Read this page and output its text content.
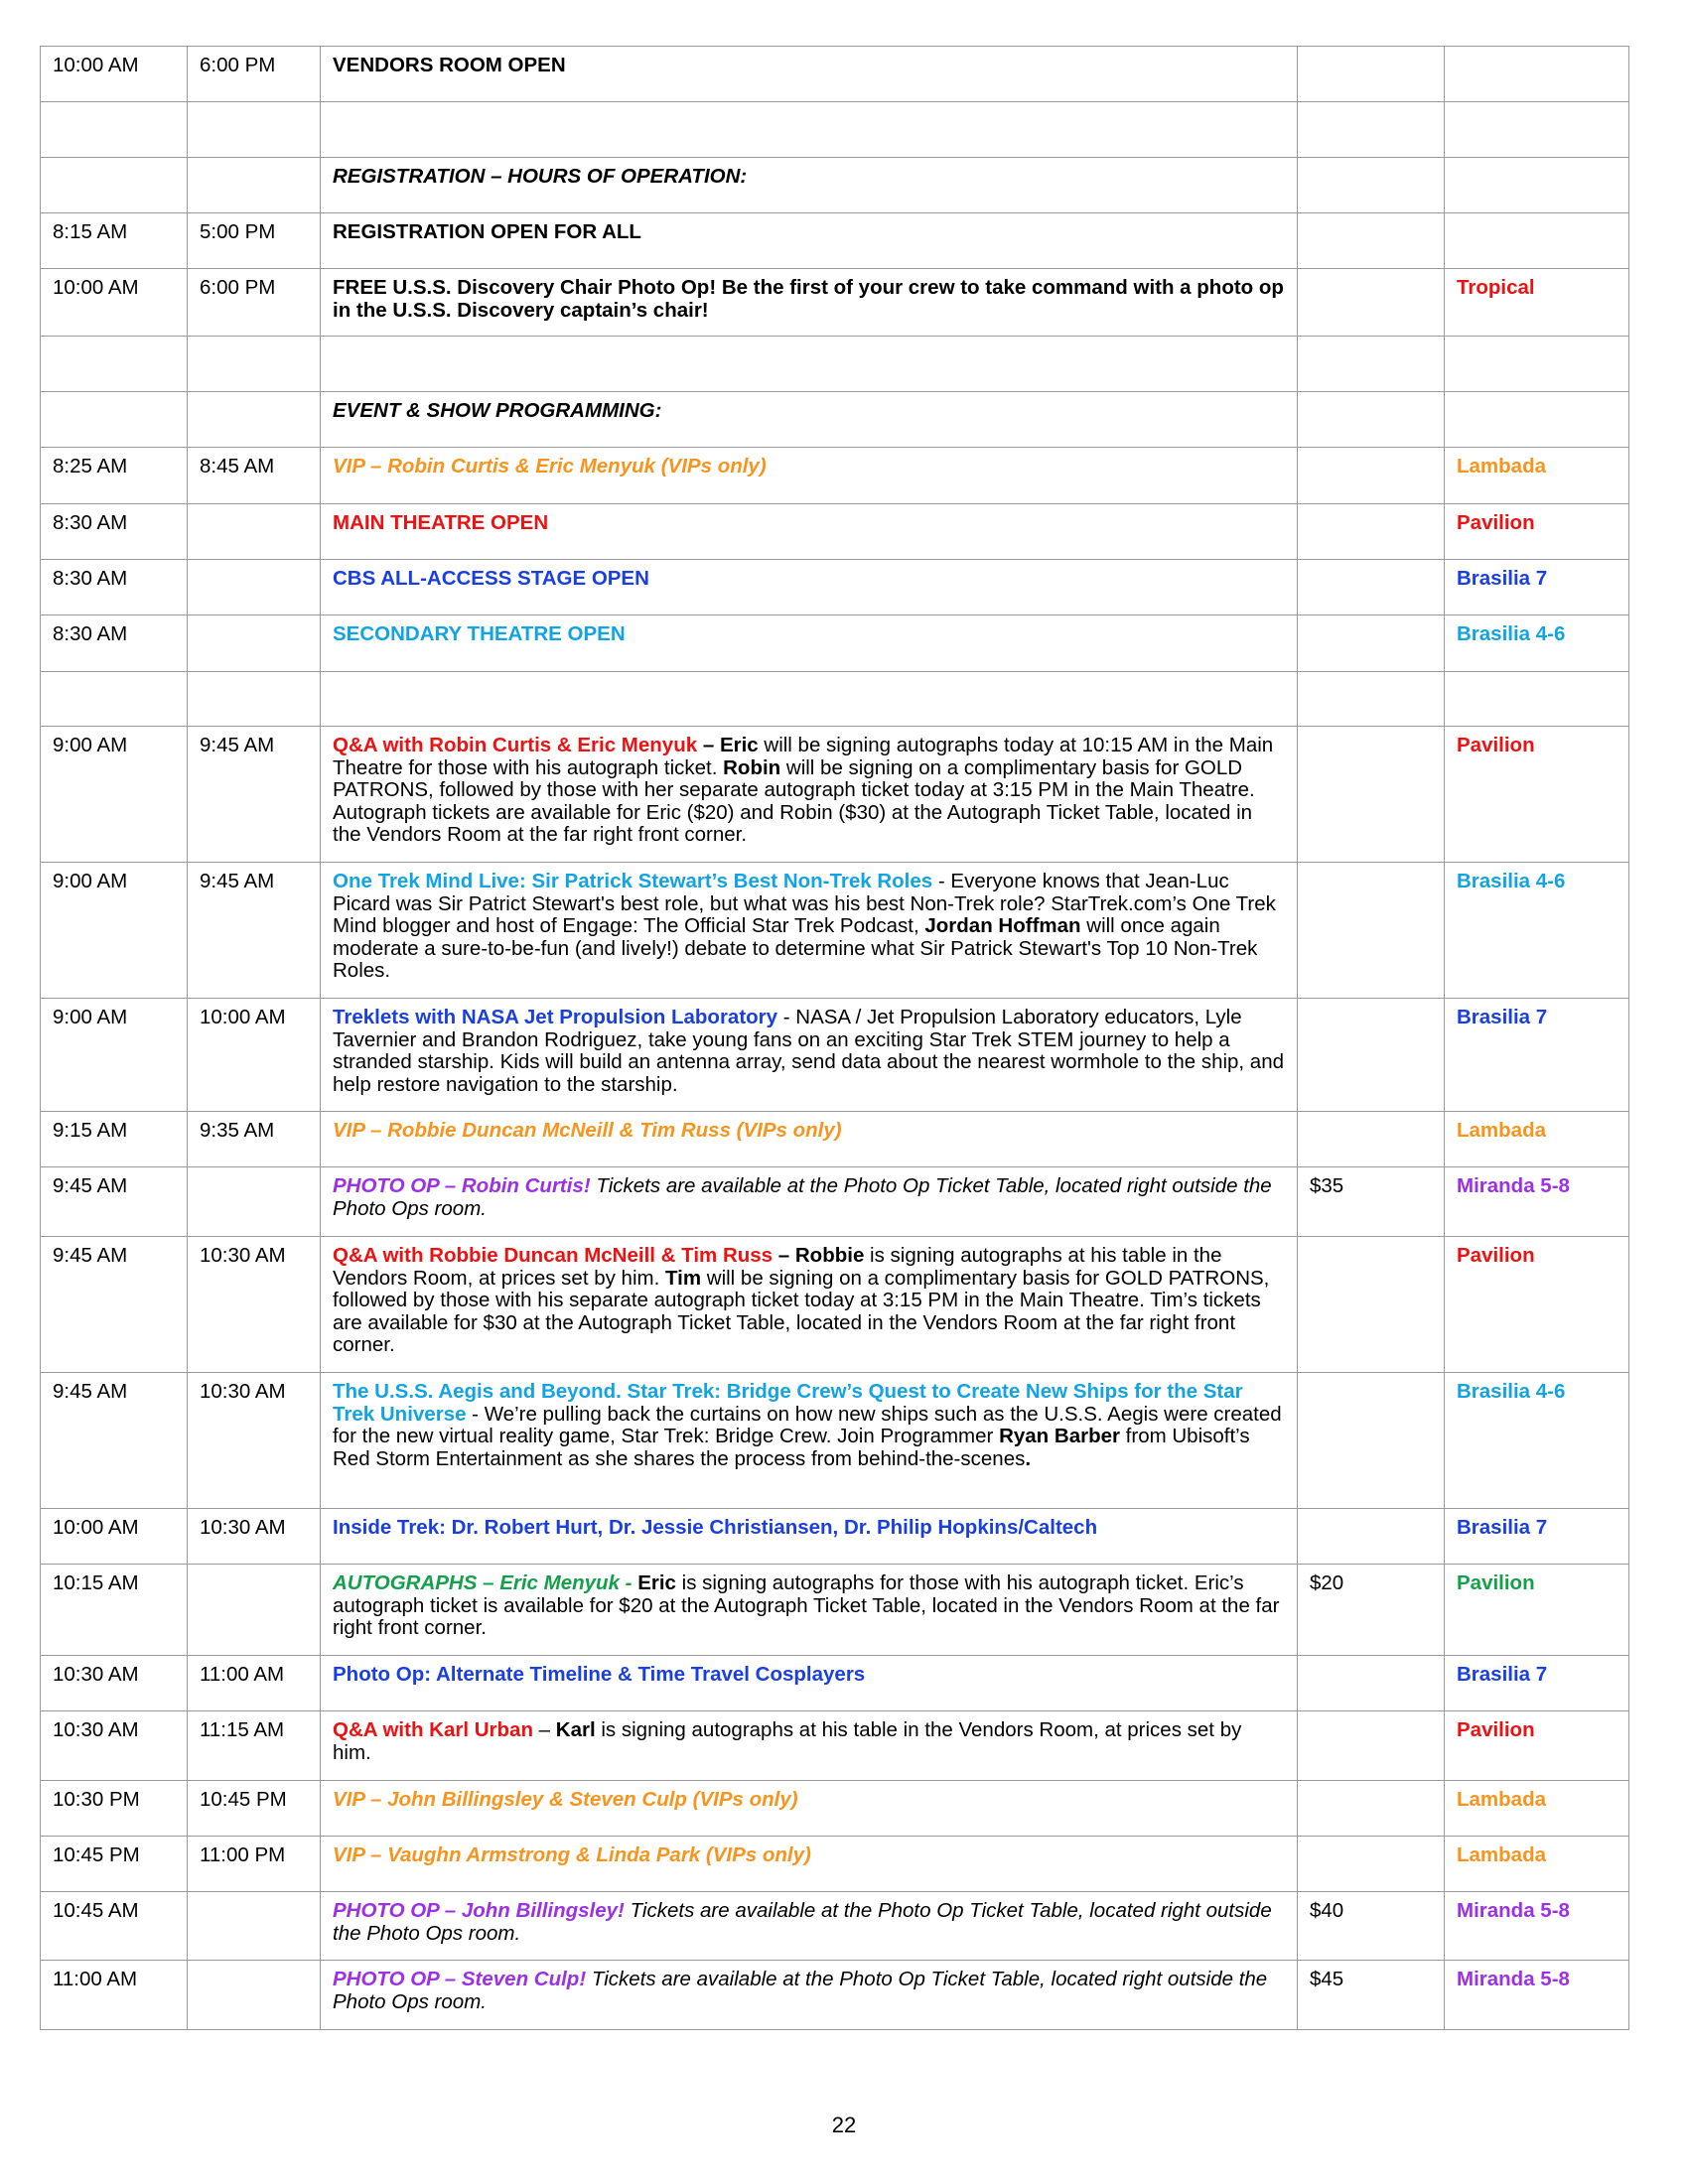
10:00 AM	6:00 PM	VENDORS ROOM OPEN		

		REGISTRATION – HOURS OF OPERATION:		
8:15 AM	5:00 PM	REGISTRATION OPEN FOR ALL		
10:00 AM	6:00 PM	FREE U.S.S. Discovery Chair Photo Op! Be the first of your crew to take command with a photo op in the U.S.S. Discovery captain’s chair!		Tropical

		EVENT & SHOW PROGRAMMING:		
8:25 AM	8:45 AM	VIP – Robin Curtis & Eric Menyuk (VIPs only)		Lambada
8:30 AM		MAIN THEATRE OPEN		Pavilion
8:30 AM		CBS ALL-ACCESS STAGE OPEN		Brasilia 7
8:30 AM		SECONDARY THEATRE OPEN		Brasilia 4-6

9:00 AM	9:45 AM	Q&A with Robin Curtis & Eric Menyuk – Eric will be signing autographs today at 10:15 AM in the Main Theatre for those with his autograph ticket. Robin will be signing on a complimentary basis for GOLD PATRONS, followed by those with her separate autograph ticket today at 3:15 PM in the Main Theatre. Autograph tickets are available for Eric ($20) and Robin ($30) at the Autograph Ticket Table, located in the Vendors Room at the far right front corner.		Pavilion
9:00 AM	9:45 AM	One Trek Mind Live: Sir Patrick Stewart’s Best Non-Trek Roles - Everyone knows that Jean-Luc Picard was Sir Patrict Stewart's best role, but what was his best Non-Trek role? StarTrek.com’s One Trek Mind blogger and host of Engage: The Official Star Trek Podcast, Jordan Hoffman will once again moderate a sure-to-be-fun (and lively!) debate to determine what Sir Patrick Stewart's Top 10 Non-Trek Roles.		Brasilia 4-6
9:00 AM	10:00 AM	Treklets with NASA Jet Propulsion Laboratory - NASA / Jet Propulsion Laboratory educators, Lyle Tavernier and Brandon Rodriguez, take young fans on an exciting Star Trek STEM journey to help a stranded starship. Kids will build an antenna array, send data about the nearest wormhole to the ship, and help restore navigation to the starship.		Brasilia 7
9:15 AM	9:35 AM	VIP – Robbie Duncan McNeill & Tim Russ (VIPs only)		Lambada
9:45 AM		PHOTO OP – Robin Curtis! Tickets are available at the Photo Op Ticket Table, located right outside the Photo Ops room.	$35	Miranda 5-8
9:45 AM	10:30 AM	Q&A with Robbie Duncan McNeill & Tim Russ – Robbie is signing autographs at his table in the Vendors Room, at prices set by him. Tim will be signing on a complimentary basis for GOLD PATRONS, followed by those with his separate autograph ticket today at 3:15 PM in the Main Theatre. Tim’s tickets are available for $30 at the Autograph Ticket Table, located in the Vendors Room at the far right front corner.		Pavilion
9:45 AM	10:30 AM	The U.S.S. Aegis and Beyond. Star Trek: Bridge Crew’s Quest to Create New Ships for the Star Trek Universe - We’re pulling back the curtains on how new ships such as the U.S.S. Aegis were created for the new virtual reality game, Star Trek: Bridge Crew. Join Programmer Ryan Barber from Ubisoft’s Red Storm Entertainment as she shares the process from behind-the-scenes.		Brasilia 4-6
10:00 AM	10:30 AM	Inside Trek: Dr. Robert Hurt, Dr. Jessie Christiansen, Dr. Philip Hopkins/Caltech		Brasilia 7
10:15 AM		AUTOGRAPHS – Eric Menyuk - Eric is signing autographs for those with his autograph ticket. Eric’s autograph ticket is available for $20 at the Autograph Ticket Table, located in the Vendors Room at the far right front corner.	$20	Pavilion
10:30 AM	11:00 AM	Photo Op: Alternate Timeline & Time Travel Cosplayers		Brasilia 7
10:30 AM	11:15 AM	Q&A with Karl Urban – Karl is signing autographs at his table in the Vendors Room, at prices set by him.		Pavilion
10:30 PM	10:45 PM	VIP – John Billingsley & Steven Culp (VIPs only)		Lambada
10:45 PM	11:00 PM	VIP – Vaughn Armstrong & Linda Park (VIPs only)		Lambada
10:45 AM		PHOTO OP – John Billingsley! Tickets are available at the Photo Op Ticket Table, located right outside the Photo Ops room.	$40	Miranda 5-8
11:00 AM		PHOTO OP – Steven Culp! Tickets are available at the Photo Op Ticket Table, located right outside the Photo Ops room.	$45	Miranda 5-8
22
